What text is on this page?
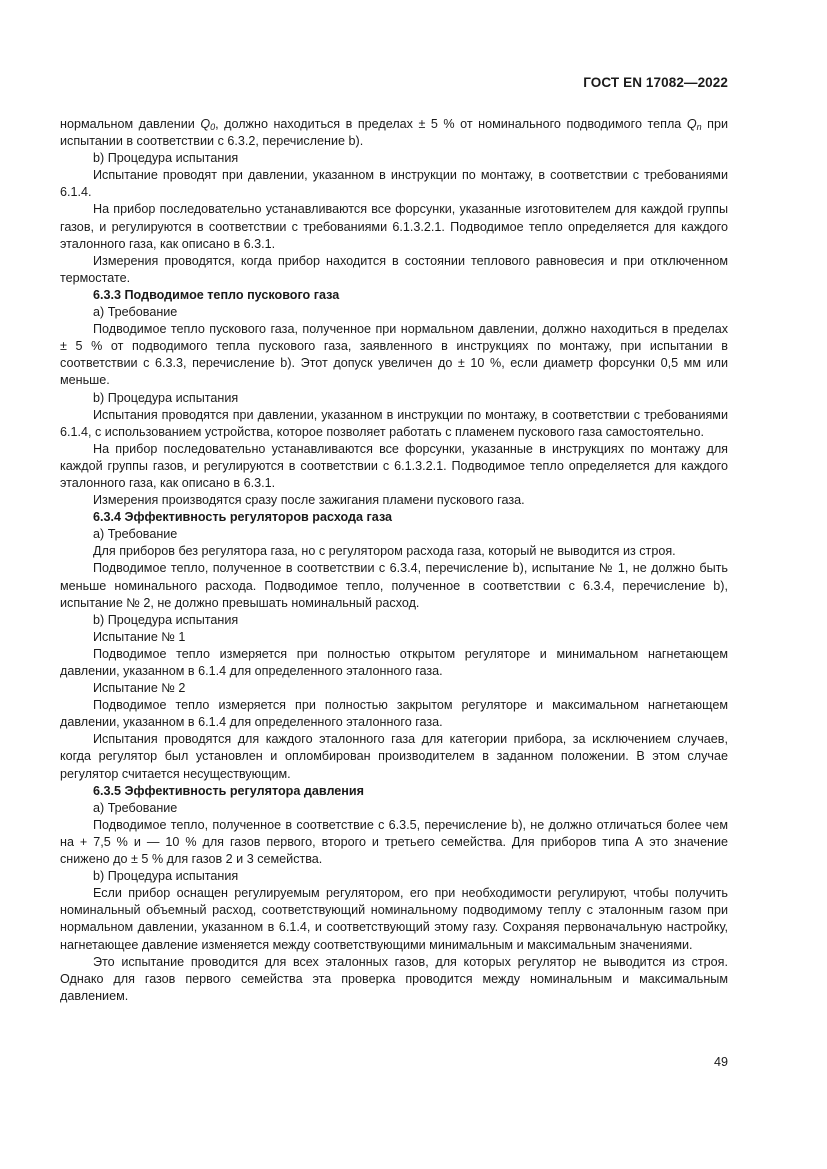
ГОСТ EN 17082—2022

нормальном давлении $Q_0$, должно находиться в пределах ± 5 % от номинального подводимого тепла $Q_n$ при испытании в соответствии с 6.3.2, перечисление b).

b) Процедура испытания

Испытание проводят при давлении, указанном в инструкции по монтажу, в соответствии с требованиями 6.1.4.

На прибор последовательно устанавливаются все форсунки, указанные изготовителем для каждой группы газов, и регулируются в соответствии с требованиями 6.1.3.2.1. Подводимое тепло определяется для каждого эталонного газа, как описано в 6.3.1.

Измерения проводятся, когда прибор находится в состоянии теплового равновесия и при отключенном термостате.

6.3.3 Подводимое тепло пускового газа

a) Требование

Подводимое тепло пускового газа, полученное при нормальном давлении, должно находиться в пределах ± 5 % от подводимого тепла пускового газа, заявленного в инструкциях по монтажу, при испытании в соответствии с 6.3.3, перечисление b). Этот допуск увеличен до ± 10 %, если диаметр форсунки 0,5 мм или меньше.

b) Процедура испытания

Испытания проводятся при давлении, указанном в инструкции по монтажу, в соответствии с требованиями 6.1.4, с использованием устройства, которое позволяет работать с пламенем пускового газа самостоятельно.

На прибор последовательно устанавливаются все форсунки, указанные в инструкциях по монтажу для каждой группы газов, и регулируются в соответствии с 6.1.3.2.1. Подводимое тепло определяется для каждого эталонного газа, как описано в 6.3.1.

Измерения производятся сразу после зажигания пламени пускового газа.

6.3.4 Эффективность регуляторов расхода газа

a) Требование

Для приборов без регулятора газа, но с регулятором расхода газа, который не выводится из строя.

Подводимое тепло, полученное в соответствии с 6.3.4, перечисление b), испытание № 1, не должно быть меньше номинального расхода. Подводимое тепло, полученное в соответствии с 6.3.4, перечисление b), испытание № 2, не должно превышать номинальный расход.

b) Процедура испытания

Испытание № 1

Подводимое тепло измеряется при полностью открытом регуляторе и минимальном нагнетающем давлении, указанном в 6.1.4 для определенного эталонного газа.

Испытание № 2

Подводимое тепло измеряется при полностью закрытом регуляторе и максимальном нагнетающем давлении, указанном в 6.1.4 для определенного эталонного газа.

Испытания проводятся для каждого эталонного газа для категории прибора, за исключением случаев, когда регулятор был установлен и опломбирован производителем в заданном положении. В этом случае регулятор считается несуществующим.

6.3.5 Эффективность регулятора давления

a) Требование

Подводимое тепло, полученное в соответствие с 6.3.5, перечисление b), не должно отличаться более чем на + 7,5 % и — 10 % для газов первого, второго и третьего семейства. Для приборов типа А это значение снижено до ± 5 % для газов 2 и 3 семейства.

b) Процедура испытания

Если прибор оснащен регулируемым регулятором, его при необходимости регулируют, чтобы получить номинальный объемный расход, соответствующий номинальному подводимому теплу с эталонным газом при нормальном давлении, указанном в 6.1.4, и соответствующий этому газу. Сохраняя первоначальную настройку, нагнетающее давление изменяется между соответствующими минимальным и максимальным значениями.

Это испытание проводится для всех эталонных газов, для которых регулятор не выводится из строя. Однако для газов первого семейства эта проверка проводится между номинальным и максимальным давлением.

49
